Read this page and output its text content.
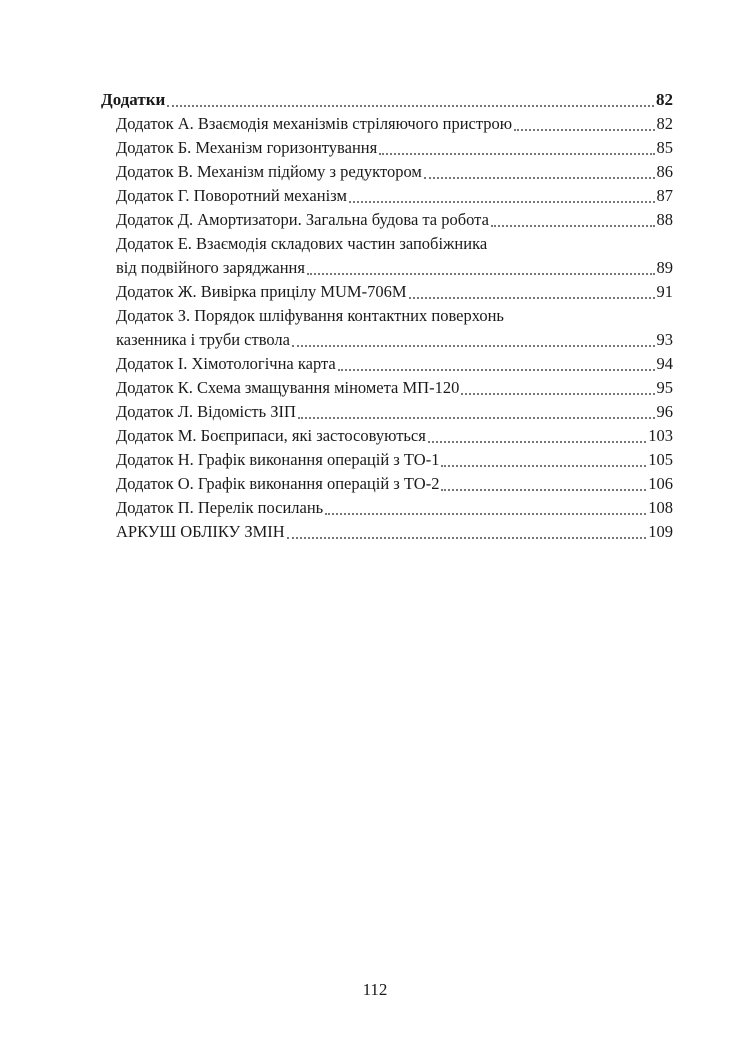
Додатки	82
Додаток А. Взаємодія механізмів стріляючого пристрою	82
Додаток Б. Механізм горизонтування	85
Додаток В. Механізм підйому з редуктором	86
Додаток Г. Поворотний механізм	87
Додаток Д. Амортизатори. Загальна будова та робота	88
Додаток Е. Взаємодія складових частин запобіжника
від подвійного заряджання	89
Додаток Ж. Вивірка прицілу МUМ-706М	91
Додаток З. Порядок шліфування контактних поверхонь
казенника і труби ствола	93
Додаток І. Хімотологічна карта	94
Додаток К. Схема змащування міномета МП-120	95
Додаток Л. Відомість ЗІП	96
Додаток М. Боєприпаси, які застосовуються	103
Додаток Н. Графік виконання операцій з ТО-1	105
Додаток О. Графік виконання операцій з ТО-2	106
Додаток П. Перелік посилань	108
АРКУШ ОБЛІКУ ЗМІН	109
112
